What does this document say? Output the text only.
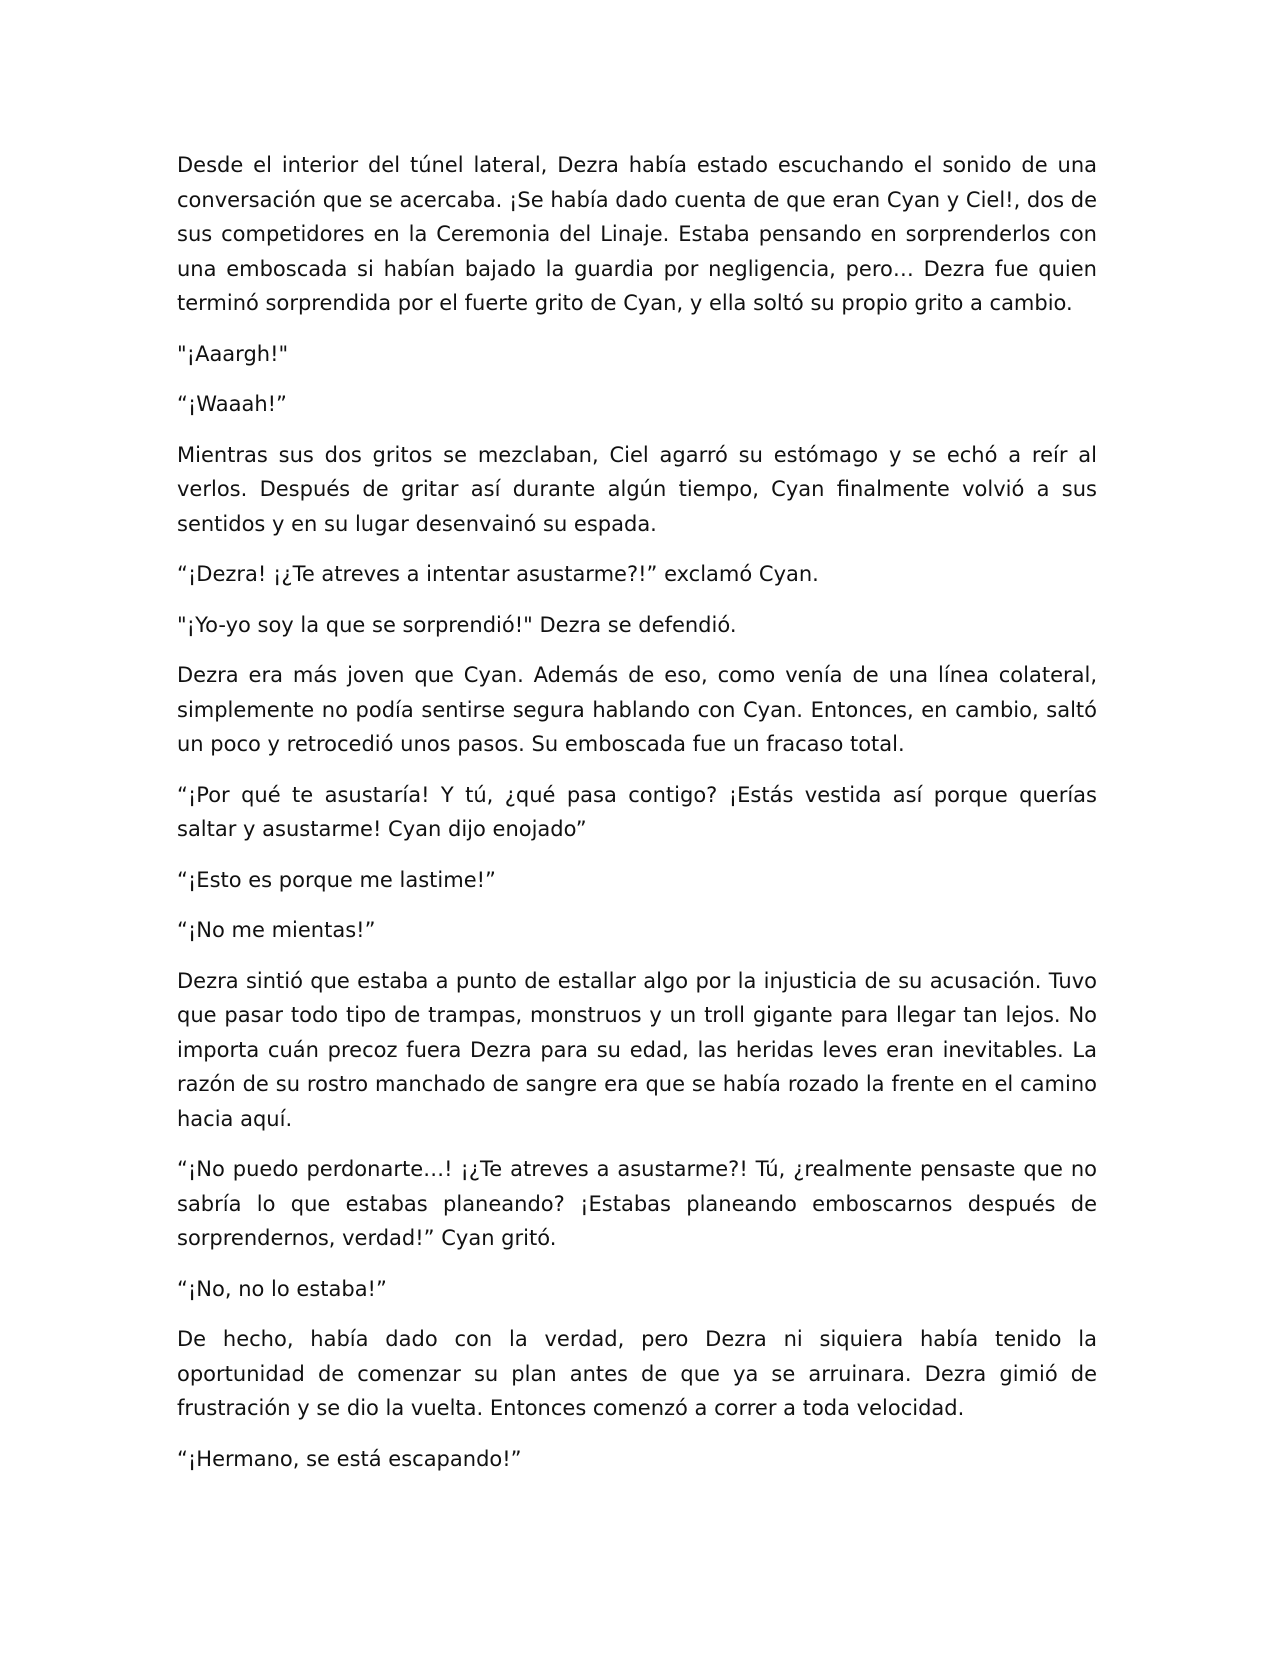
Desde el interior del túnel lateral, Dezra había estado escuchando el sonido de una conversación que se acercaba. ¡Se había dado cuenta de que eran Cyan y Ciel!, dos de sus competidores en la Ceremonia del Linaje. Estaba pensando en sorprenderlos con una emboscada si habían bajado la guardia por negligencia, pero… Dezra fue quien terminó sorprendida por el fuerte grito de Cyan, y ella soltó su propio grito a cambio.

"¡Aaargh!"

“¡Waaah!”

Mientras sus dos gritos se mezclaban, Ciel agarró su estómago y se echó a reír al verlos. Después de gritar así durante algún tiempo, Cyan finalmente volvió a sus sentidos y en su lugar desenvainó su espada.

“¡Dezra! ¡¿Te atreves a intentar asustarme?!” exclamó Cyan.

"¡Yo-yo soy la que se sorprendió!" Dezra se defendió.

Dezra era más joven que Cyan. Además de eso, como venía de una línea colateral, simplemente no podía sentirse segura hablando con Cyan. Entonces, en cambio, saltó un poco y retrocedió unos pasos. Su emboscada fue un fracaso total.

“¡Por qué te asustaría! Y tú, ¿qué pasa contigo? ¡Estás vestida así porque querías saltar y asustarme! Cyan dijo enojado”

“¡Esto es porque me lastime!”

“¡No me mientas!”

Dezra sintió que estaba a punto de estallar algo por la injusticia de su acusación. Tuvo que pasar todo tipo de trampas, monstruos y un troll gigante para llegar tan lejos. No importa cuán precoz fuera Dezra para su edad, las heridas leves eran inevitables. La razón de su rostro manchado de sangre era que se había rozado la frente en el camino hacia aquí.

“¡No puedo perdonarte…! ¡¿Te atreves a asustarme?! Tú, ¿realmente pensaste que no sabría lo que estabas planeando? ¡Estabas planeando emboscarnos después de sorprendernos, verdad!” Cyan gritó.

“¡No, no lo estaba!”

De hecho, había dado con la verdad, pero Dezra ni siquiera había tenido la oportunidad de comenzar su plan antes de que ya se arruinara. Dezra gimió de frustración y se dio la vuelta. Entonces comenzó a correr a toda velocidad.

“¡Hermano, se está escapando!”
